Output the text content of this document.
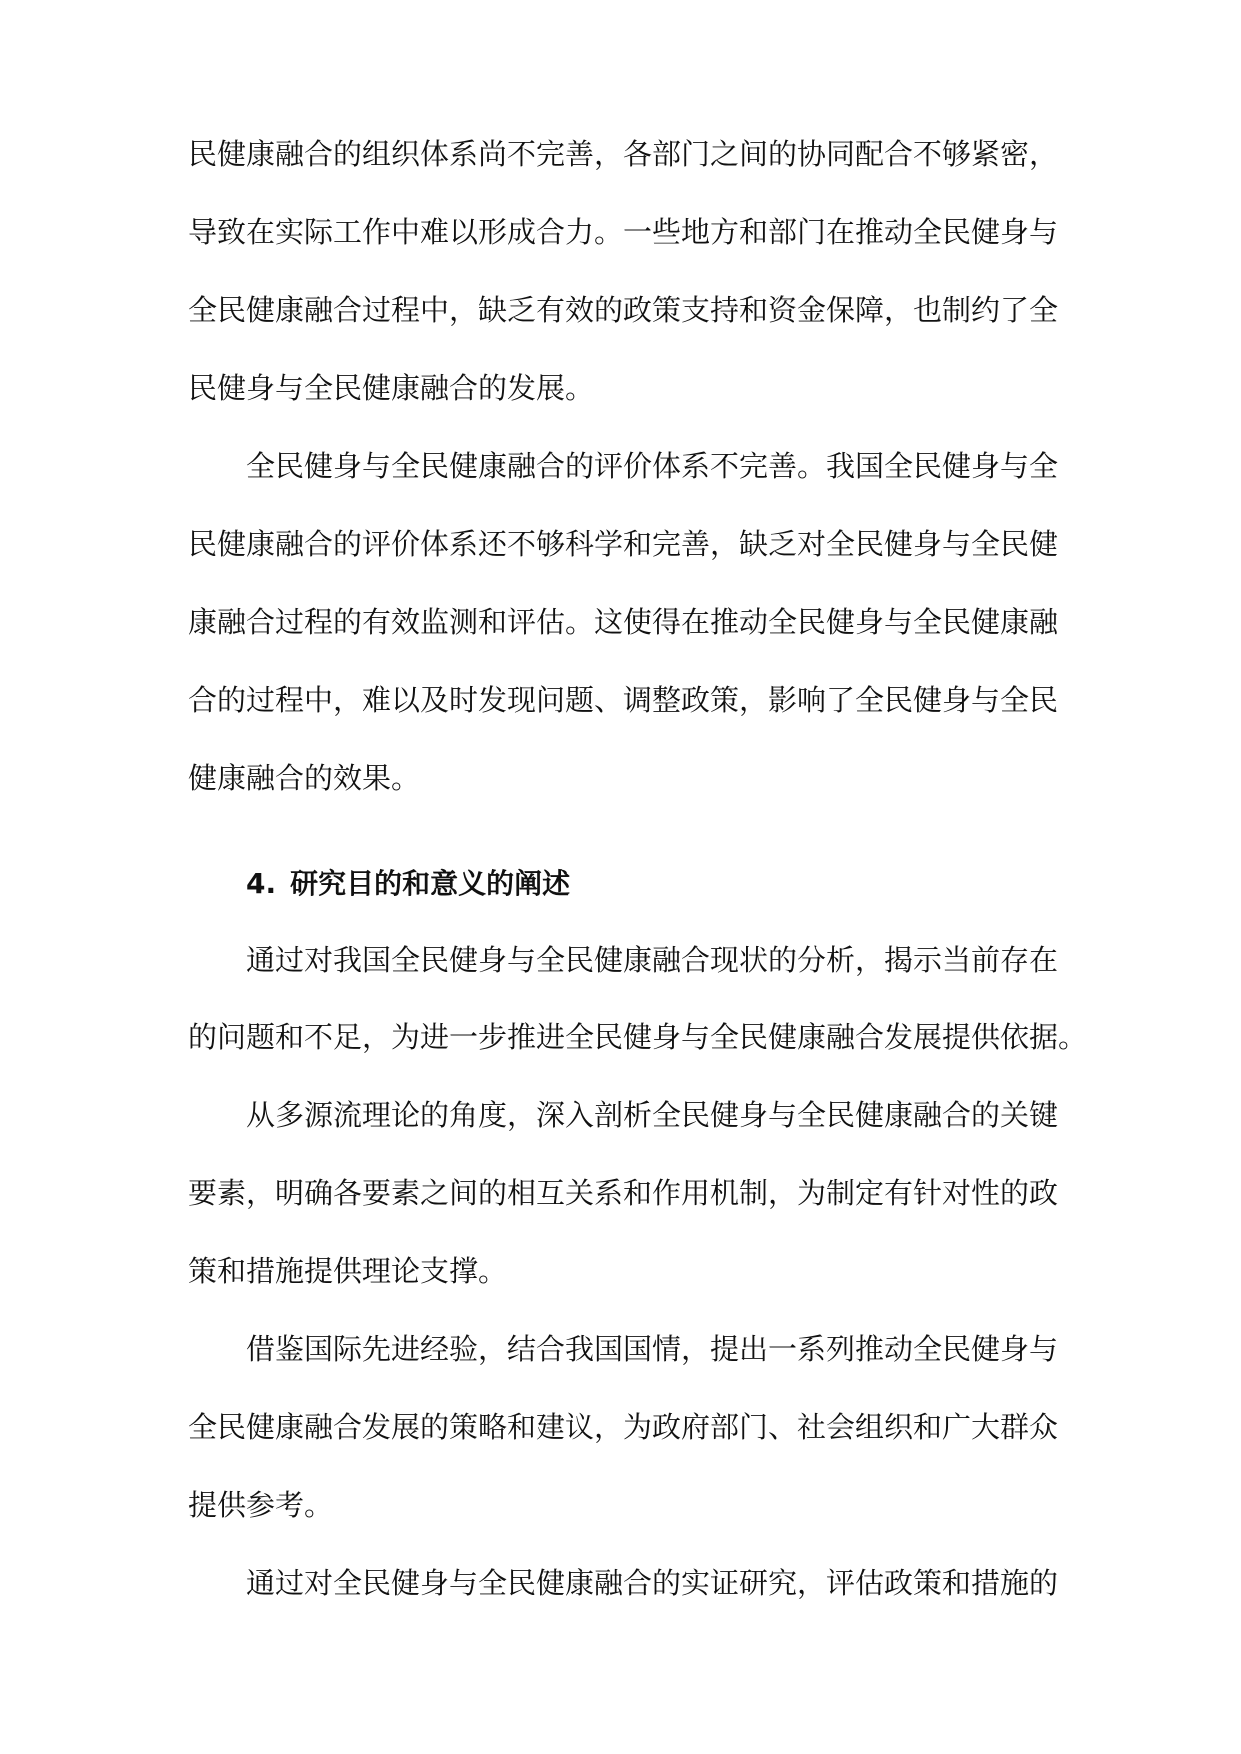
民健康融合的组织体系尚不完善，各部门之间的协同配合不够紧密，
导致在实际工作中难以形成合力。一些地方和部门在推动全民健身与
全民健康融合过程中，缺乏有效的政策支持和资金保障，也制约了全
民健身与全民健康融合的发展。
全民健身与全民健康融合的评价体系不完善。我国全民健身与全
民健康融合的评价体系还不够科学和完善，缺乏对全民健身与全民健
康融合过程的有效监测和评估。这使得在推动全民健身与全民健康融
合的过程中，难以及时发现问题、调整政策，影响了全民健身与全民
健康融合的效果。
4. 研究目的和意义的阐述
通过对我国全民健身与全民健康融合现状的分析，揭示当前存在
的问题和不足，为进一步推进全民健身与全民健康融合发展提供依据。
从多源流理论的角度，深入剖析全民健身与全民健康融合的关键
要素，明确各要素之间的相互关系和作用机制，为制定有针对性的政
策和措施提供理论支撑。
借鉴国际先进经验，结合我国国情，提出一系列推动全民健身与
全民健康融合发展的策略和建议，为政府部门、社会组织和广大群众
提供参考。
通过对全民健身与全民健康融合的实证研究，评估政策和措施的
